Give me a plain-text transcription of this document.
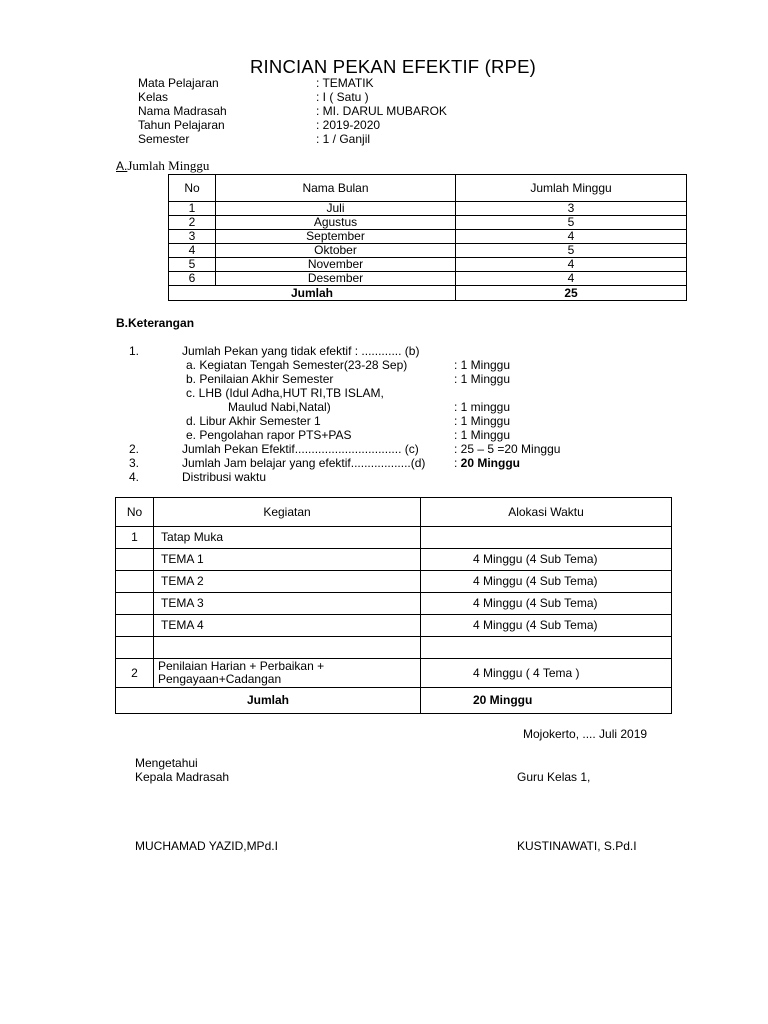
RINCIAN PEKAN EFEKTIF (RPE)
Mata Pelajaran	: TEMATIK
Kelas	: I ( Satu )
Nama Madrasah	: MI. DARUL MUBAROK
Tahun Pelajaran	: 2019-2020
Semester	: 1 / Ganjil
A.Jumlah Minggu
No	Nama Bulan	Jumlah Minggu
1	Juli	3
2	Agustus	5
3	September	4
4	Oktober	5
5	November	4
6	Desember	4
Jumlah		25
B.Keterangan
1.	Jumlah Pekan yang tidak efektif : ............ (b)
a. Kegiatan Tengah Semester(23-28 Sep)	: 1 Minggu
b. Penilaian Akhir Semester	: 1 Minggu
c. LHB (Idul Adha,HUT RI,TB ISLAM,
Maulud Nabi,Natal)	: 1 minggu
d. Libur Akhir Semester 1	: 1 Minggu
e. Pengolahan rapor PTS+PAS	: 1 Minggu
2.	Jumlah Pekan Efektif................................ (c)	: 25 – 5 =20 Minggu
3.	Jumlah Jam belajar yang efektif..................(d) : 20 Minggu
4.	Distribusi waktu
No	Kegiatan	Alokasi Waktu
1	Tatap Muka	
	TEMA 1	4 Minggu (4 Sub Tema)
	TEMA 2	4 Minggu (4 Sub Tema)
	TEMA 3	4 Minggu (4 Sub Tema)
	TEMA 4	4 Minggu (4 Sub Tema)

2	Penilaian Harian + Perbaikan +
Pengayaan+Cadangan	4 Minggu ( 4 Tema )
Jumlah		20 Minggu
Mojokerto, .... Juli 2019
Mengetahui
Kepala Madrasah	Guru Kelas 1,
MUCHAMAD YAZID,MPd.I	KUSTINAWATI, S.Pd.I
